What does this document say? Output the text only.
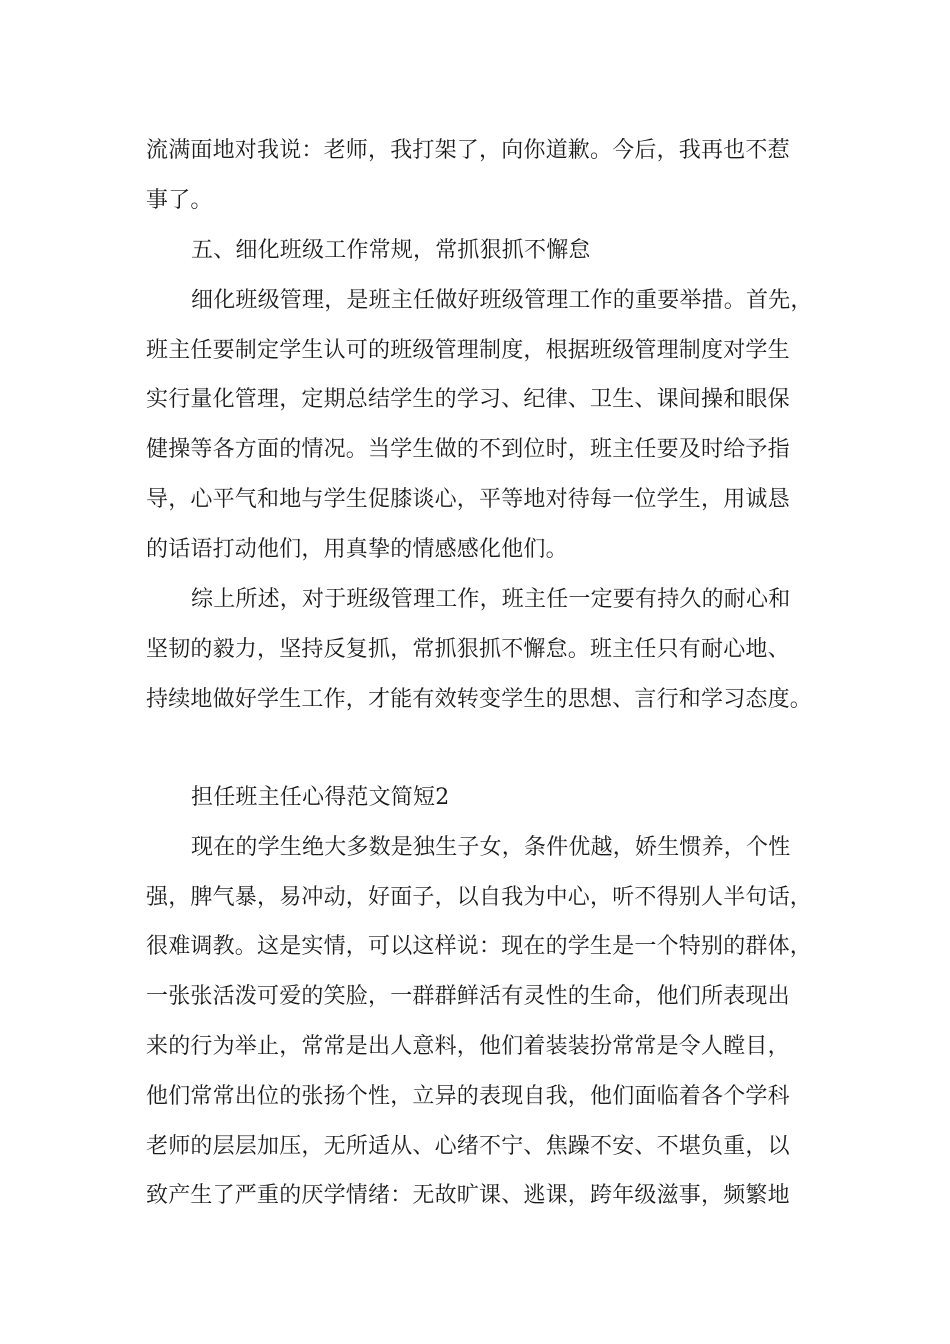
流满面地对我说：老师，我打架了，向你道歉。今后，我再也不惹
事了。
五、细化班级工作常规，常抓狠抓不懈怠
细化班级管理，是班主任做好班级管理工作的重要举措。首先，
班主任要制定学生认可的班级管理制度，根据班级管理制度对学生
实行量化管理，定期总结学生的学习、纪律、卫生、课间操和眼保
健操等各方面的情况。当学生做的不到位时，班主任要及时给予指
导，心平气和地与学生促膝谈心，平等地对待每一位学生，用诚恳
的话语打动他们，用真挚的情感感化他们。
综上所述，对于班级管理工作，班主任一定要有持久的耐心和
坚韧的毅力，坚持反复抓，常抓狠抓不懈怠。班主任只有耐心地、
持续地做好学生工作，才能有效转变学生的思想、言行和学习态度。
担任班主任心得范文简短2
现在的学生绝大多数是独生子女，条件优越，娇生惯养，个性
强，脾气暴，易冲动，好面子，以自我为中心，听不得别人半句话，
很难调教。这是实情，可以这样说：现在的学生是一个特别的群体，
一张张活泼可爱的笑脸，一群群鲜活有灵性的生命，他们所表现出
来的行为举止，常常是出人意料，他们着装装扮常常是令人瞠目，
他们常常出位的张扬个性，立异的表现自我，他们面临着各个学科
老师的层层加压，无所适从、心绪不宁、焦躁不安、不堪负重，以
致产生了严重的厌学情绪：无故旷课、逃课，跨年级滋事，频繁地
